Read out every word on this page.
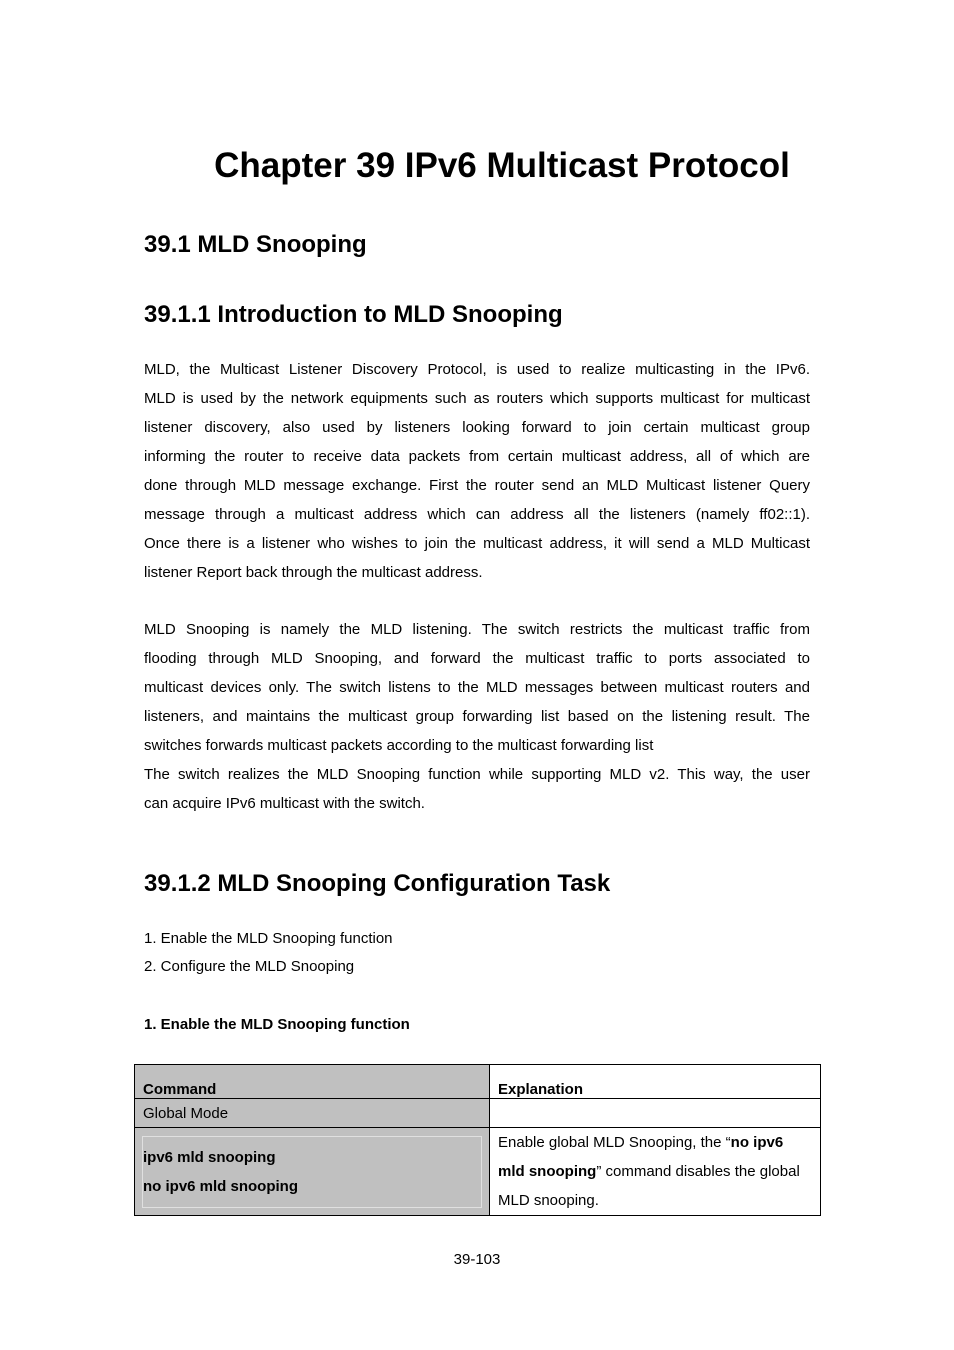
Chapter 39 IPv6 Multicast Protocol
39.1 MLD Snooping
39.1.1 Introduction to MLD Snooping
MLD, the Multicast Listener Discovery Protocol, is used to realize multicasting in the IPv6.
MLD is used by the network equipments such as routers which supports multicast for multicast
listener discovery, also used by listeners looking forward to join certain multicast group
informing the router to receive data packets from certain multicast address, all of which are
done through MLD message exchange. First the router send an MLD Multicast listener Query
message through a multicast address which can address all the listeners (namely ff02::1).
Once there is a listener who wishes to join the multicast address, it will send a MLD Multicast
listener Report back through the multicast address.
MLD Snooping is namely the MLD listening. The switch restricts the multicast traffic from
flooding through MLD Snooping, and forward the multicast traffic to ports associated to
multicast devices only. The switch listens to the MLD messages between multicast routers and
listeners, and maintains the multicast group forwarding list based on the listening result. The
switches forwards multicast packets according to the multicast forwarding list
The switch realizes the MLD Snooping function while supporting MLD v2. This way, the user
can acquire IPv6 multicast with the switch.
39.1.2 MLD Snooping Configuration Task
1. Enable the MLD Snooping function
2. Configure the MLD Snooping

1. Enable the MLD Snooping function

Command	Explanation
Global Mode	

ipv6 mld snooping
no ipv6 mld snooping	Enable global MLD Snooping, the “no ipv6 mld snooping” command disables the global MLD snooping.

39-103
